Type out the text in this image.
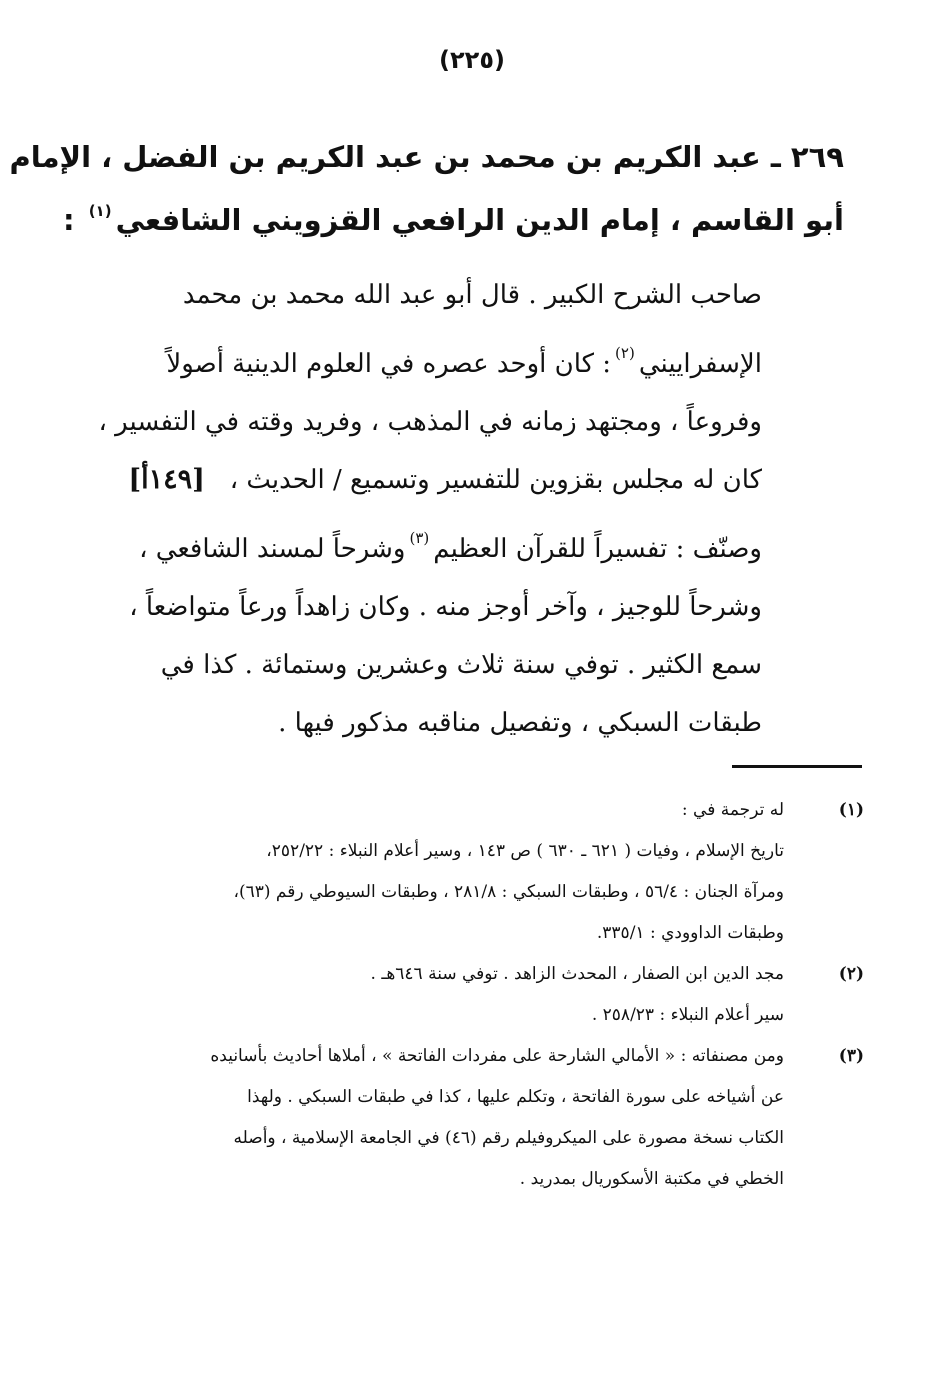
(٢٢٥)
٢٦٩ ـ عبد الكريم بن محمد بن عبد الكريم بن الفضل ، الإمام
أبو القاسم ، إمام الدين الرافعي القزويني الشافعي$^{(١)}$ :
صاحب الشرح الكبير . قال أبو عبد الله محمد بن محمد
الإسفراييني$^{(٢)}$: كان أوحد عصره في العلوم الدينية أصولاً
وفروعاً ، ومجتهد زمانه في المذهب ، وفريد وقته في التفسير ،
كان له مجلس بقزوين للتفسير وتسميع / الحديث ،   [١٤٩أ]
وصنّف : تفسيراً للقرآن العظيم$^{(٣)}$وشرحاً لمسند الشافعي ،
وشرحاً للوجيز ، وآخر أوجز منه . وكان زاهداً ورعاً متواضعاً ،
سمع الكثير . توفي سنة ثلاث وعشرين وستمائة . كذا في
طبقات السبكي ، وتفصيل مناقبه مذكور فيها .
(١)
له ترجمة في :
تاريخ الإسلام ، وفيات ( ٦٢١ ـ ٦٣٠ ) ص ١٤٣ ، وسير أعلام النبلاء : ٢٥٢/٢٢،
ومرآة الجنان : ٥٦/٤ ، وطبقات السبكي : ٢٨١/٨ ، وطبقات السيوطي رقم (٦٣)،
وطبقات الداوودي : ٣٣٥/١.
(٢)
مجد الدين ابن الصفار ، المحدث الزاهد . توفي سنة ٦٤٦هـ .
سير أعلام النبلاء : ٢٥٨/٢٣ .
(٣)
ومن مصنفاته : « الأمالي الشارحة على مفردات الفاتحة » ، أملاها أحاديث بأسانيده
عن أشياخه على سورة الفاتحة ، وتكلم عليها ، كذا في طبقات السبكي . ولهذا
الكتاب نسخة مصورة على الميكروفيلم رقم (٤٦) في الجامعة الإسلامية ، وأصله
الخطي في مكتبة الأسكوريال بمدريد .
